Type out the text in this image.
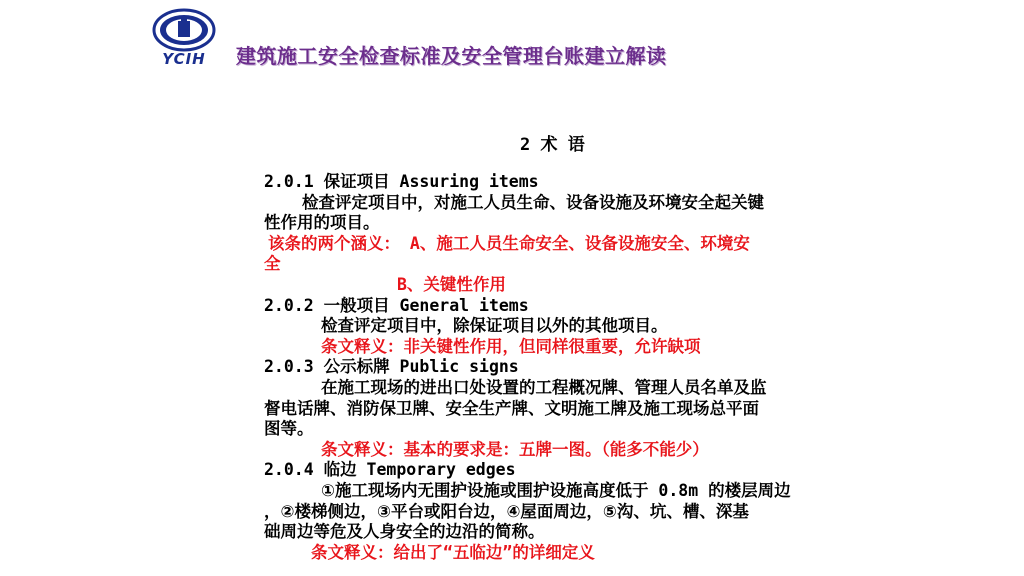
YCIH	建筑施工安全检查标准及安全管理台账建立解读
2 术 语
2.0.1 保证项目 Assuring items
检查评定项目中，对施工人员生命、设备设施及环境安全起关键
性作用的项目。
该条的两个涵义： A、施工人员生命安全、设备设施安全、环境安
全
B、关键性作用
2.0.2 一般项目 General items
检查评定项目中，除保证项目以外的其他项目。
条文释义：非关键性作用，但同样很重要，允许缺项
2.0.3 公示标牌 Public signs
在施工现场的进出口处设置的工程概况牌、管理人员名单及监
督电话牌、消防保卫牌、安全生产牌、文明施工牌及施工现场总平面
图等。
条文释义：基本的要求是：五牌一图。（能多不能少）
2.0.4 临边 Temporary edges
①施工现场内无围护设施或围护设施高度低于 0.8m 的楼层周边
，②楼梯侧边，③平台或阳台边，④屋面周边，⑤沟、坑、槽、深基
础周边等危及人身安全的边沿的简称。
条文释义：给出了“五临边”的详细定义
